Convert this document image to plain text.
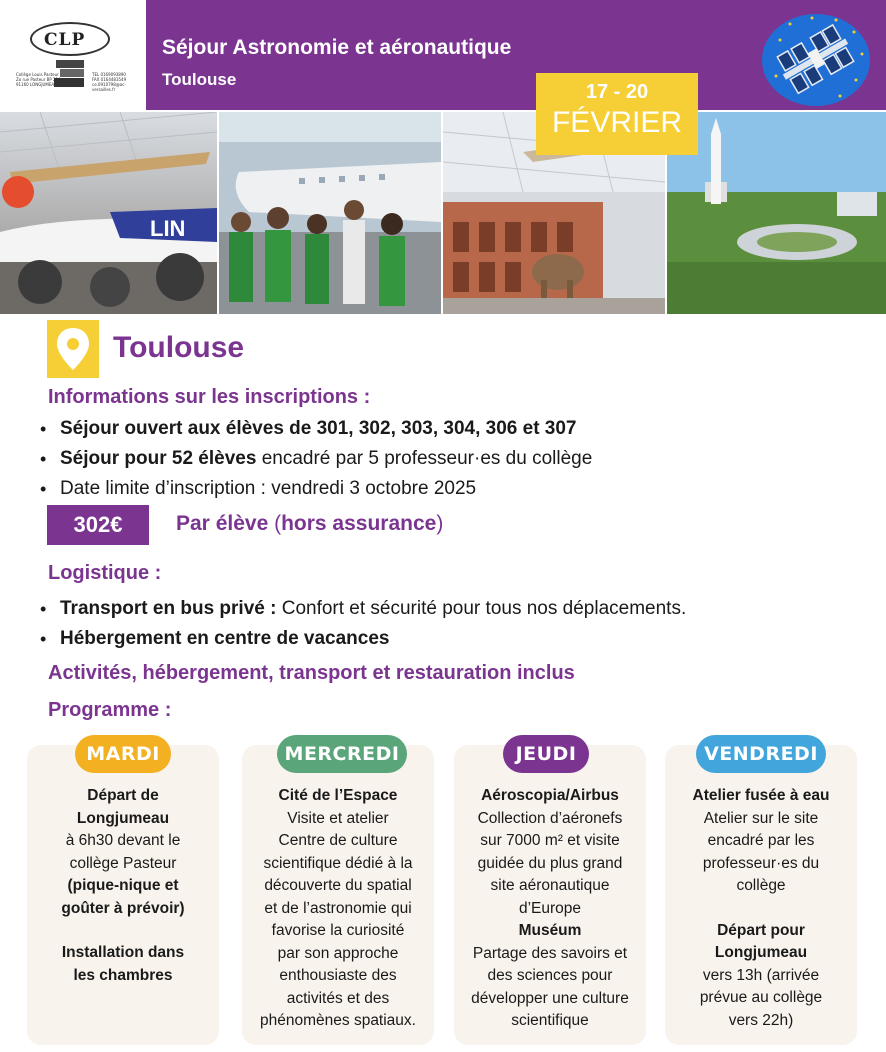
CLP
Collège Louis Pasteur
Zo rue Pasteur BP 214
91160 LONGJUMEAU
TEL 0169093890
FAX 0164483549
ce.0910798@ac-versailles.fr
Séjour Astronomie et aéronautique
Toulouse
17 - 20
FÉVRIER
LIN
Toulouse
Informations sur les inscriptions :
• Séjour ouvert aux élèves de 301, 302, 303, 304, 306 et 307
• Séjour pour 52 élèves encadré par 5 professeur·es du collège
• Date limite d’inscription : vendredi 3 octobre 2025
302€	Par élève (hors assurance)
Logistique :
• Transport en bus privé : Confort et sécurité pour tous nos déplacements.
• Hébergement en centre de vacances
Activités, hébergement, transport et restauration inclus
Programme :
Départ de
Longjumeau
à 6h30 devant le
collège Pasteur
(pique-nique et
goûter à prévoir)
Installation dans
les chambres
MARDI
Cité de l’Espace
Visite et atelier
Centre de culture
scientifique dédié à la
découverte du spatial
et de l’astronomie qui
favorise la curiosité
par son approche
enthousiaste des
activités et des
phénomènes spatiaux.
MERCREDI
Aéroscopia/Airbus
Collection d’aéronefs
sur 7000 m² et visite
guidée du plus grand
site aéronautique
d’Europe
Muséum
Partage des savoirs et
des sciences pour
développer une culture
scientifique
JEUDI
Atelier fusée à eau
Atelier sur le site
encadré par les
professeur·es du
collège
Départ pour
Longjumeau
vers 13h (arrivée
prévue au collège
vers 22h)
VENDREDI
